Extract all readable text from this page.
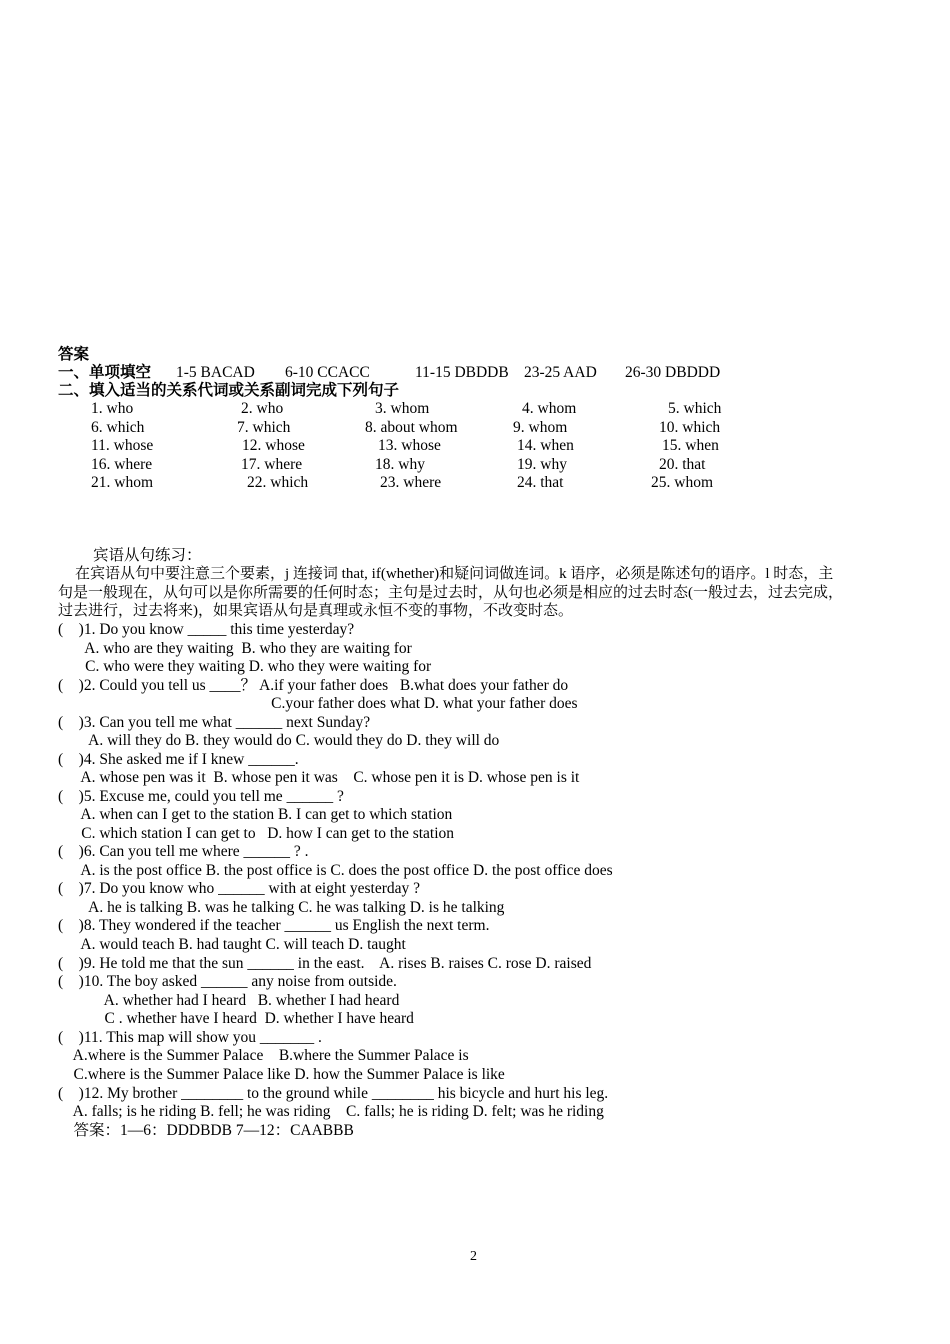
答案
一、单项填空 1-5 BACAD 6-10 CCACC	11-15 DBDDB 23-25 AAD 26-30 DBDDD
二、填入适当的关系代词或关系副词完成下列句子
1. who	2. who	3. whom	4. whom	5. which
6. which	7. which	8. about whom	9. whom	10. which
11. whose	12. whose	13. whose	14. when	15. when
16. where	17. where	18. why	19. why	20. that
21. whom	22. which	23. where	24. that	25. whom
宾语从句练习：
在宾语从句中要注意三个要素，j 连接词 that, if(whether)和疑问词做连词。k 语序，必须是陈述句的语序。l 时态，主
句是一般现在，从句可以是你所需要的任何时态；主句是过去时，从句也必须是相应的过去时态(一般过去，过去完成，
过去进行，过去将来)，如果宾语从句是真理或永恒不变的事物，不改变时态。
(    )1. Do you know _____ this time yesterday?
A. who are they waiting  B. who they are waiting for
C. who were they waiting D. who they were waiting for
(    )2. Could you tell us ____？ A.if your father does   B.what does your father do
C.your father does what D. what your father does
(    )3. Can you tell me what ______ next Sunday?
A. will they do B. they would do C. would they do D. they will do
(    )4. She asked me if I knew ______.
A. whose pen was it  B. whose pen it was    C. whose pen it is D. whose pen is it
(    )5. Excuse me, could you tell me ______ ?
A. when can I get to the station B. I can get to which station
C. which station I can get to   D. how I can get to the station
(    )6. Can you tell me where ______ ? .
A. is the post office B. the post office is C. does the post office D. the post office does
(    )7. Do you know who ______ with at eight yesterday ?
A. he is talking B. was he talking C. he was talking D. is he talking
(    )8. They wondered if the teacher ______ us English the next term.
A. would teach B. had taught C. will teach D. taught
(    )9. He told me that the sun ______ in the east.    A. rises B. raises C. rose D. raised
(    )10. The boy asked ______ any noise from outside.
A. whether had I heard   B. whether I had heard
C . whether have I heard  D. whether I have heard
(    )11. This map will show you _______ .
A.where is the Summer Palace    B.where the Summer Palace is
C.where is the Summer Palace like D. how the Summer Palace is like
(    )12. My brother ________ to the ground while ________ his bicycle and hurt his leg.
A. falls; is he riding B. fell; he was riding    C. falls; he is riding D. felt; was he riding
答案：1—6：DDDBDB 7—12：CAABBB
2
